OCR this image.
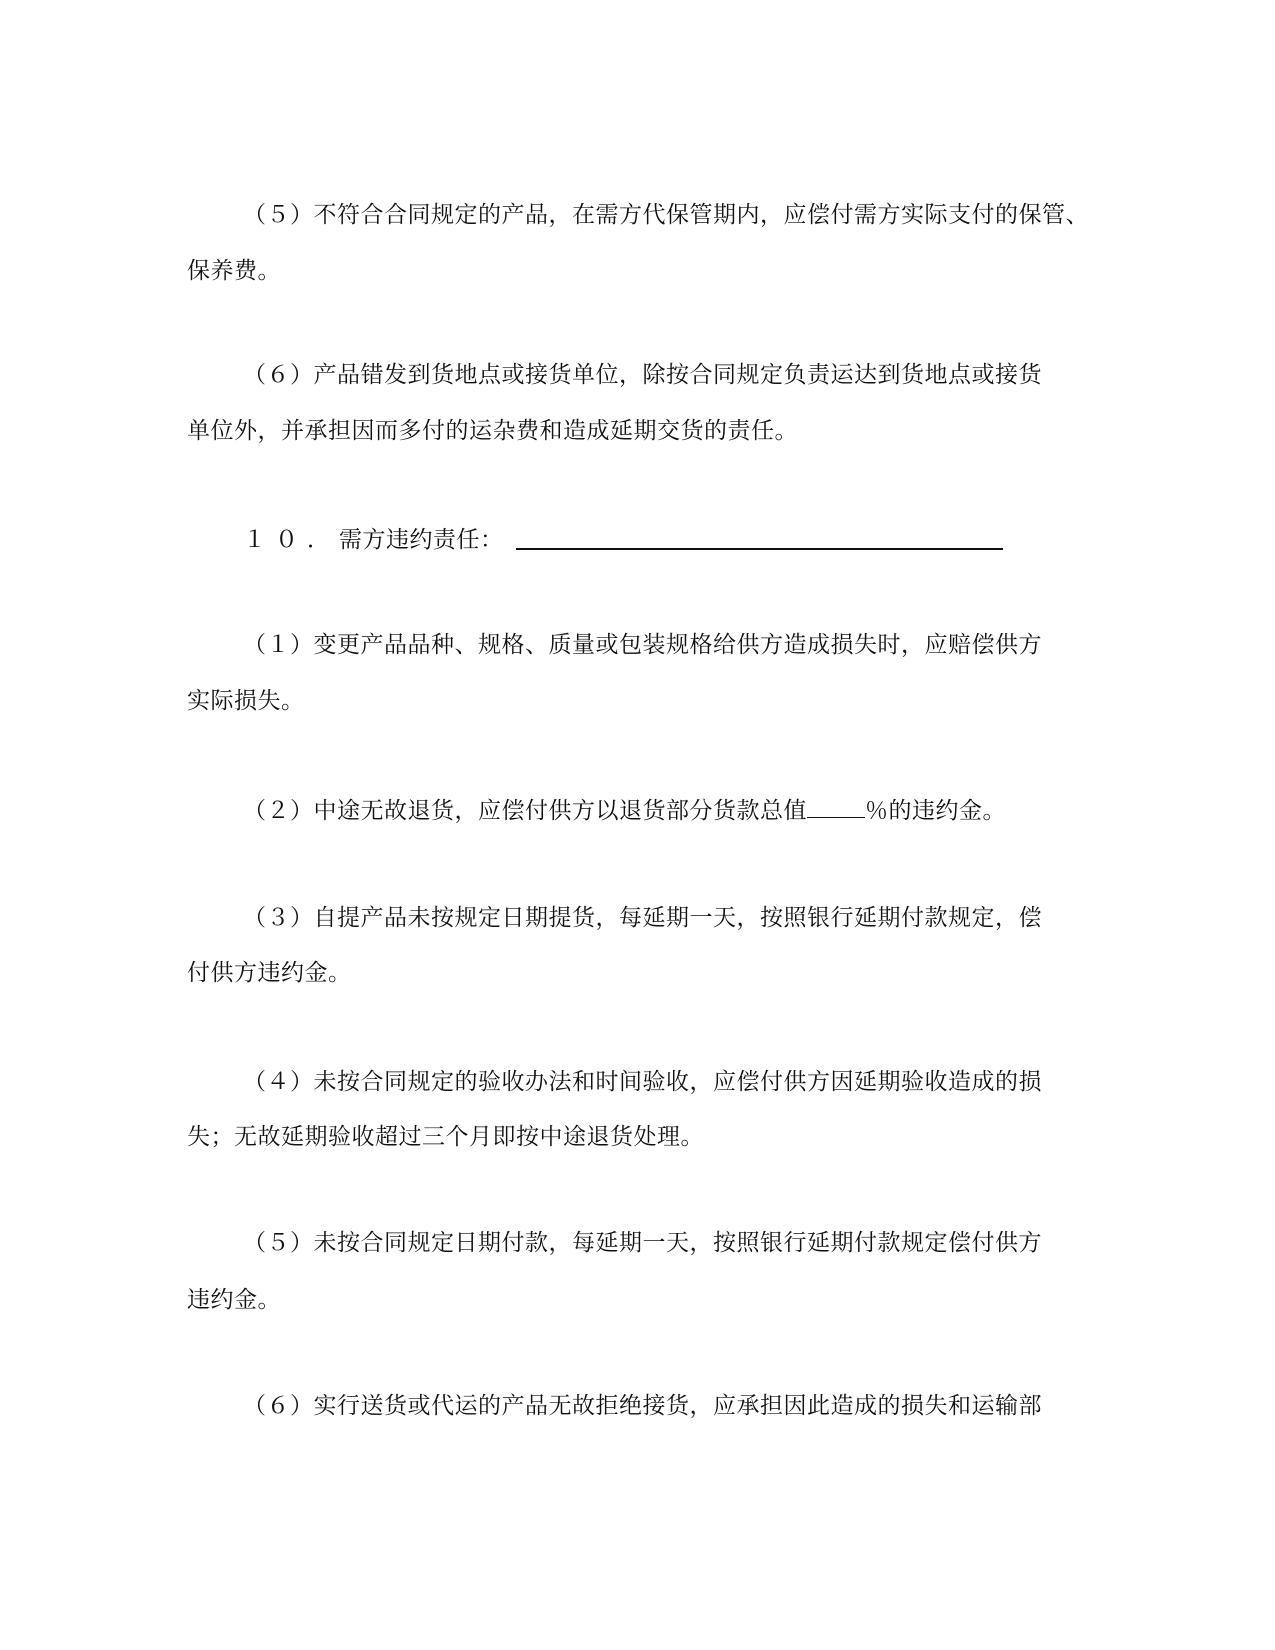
（５）不符合合同规定的产品，在需方代保管期内，应偿付需方实际支付的保管、
保养费。
（６）产品错发到货地点或接货单位，除按合同规定负责运达到货地点或接货
单位外，并承担因而多付的运杂费和造成延期交货的责任。
１０．需方违约责任：
（１）变更产品品种、规格、质量或包装规格给供方造成损失时，应赔偿供方
实际损失。
（２）中途无故退货，应偿付供方以退货部分货款总值	％的违约金。
（３）自提产品未按规定日期提货，每延期一天，按照银行延期付款规定，偿
付供方违约金。
（４）未按合同规定的验收办法和时间验收，应偿付供方因延期验收造成的损
失；无故延期验收超过三个月即按中途退货处理。
（５）未按合同规定日期付款，每延期一天，按照银行延期付款规定偿付供方
违约金。
（６）实行送货或代运的产品无故拒绝接货，应承担因此造成的损失和运输部
